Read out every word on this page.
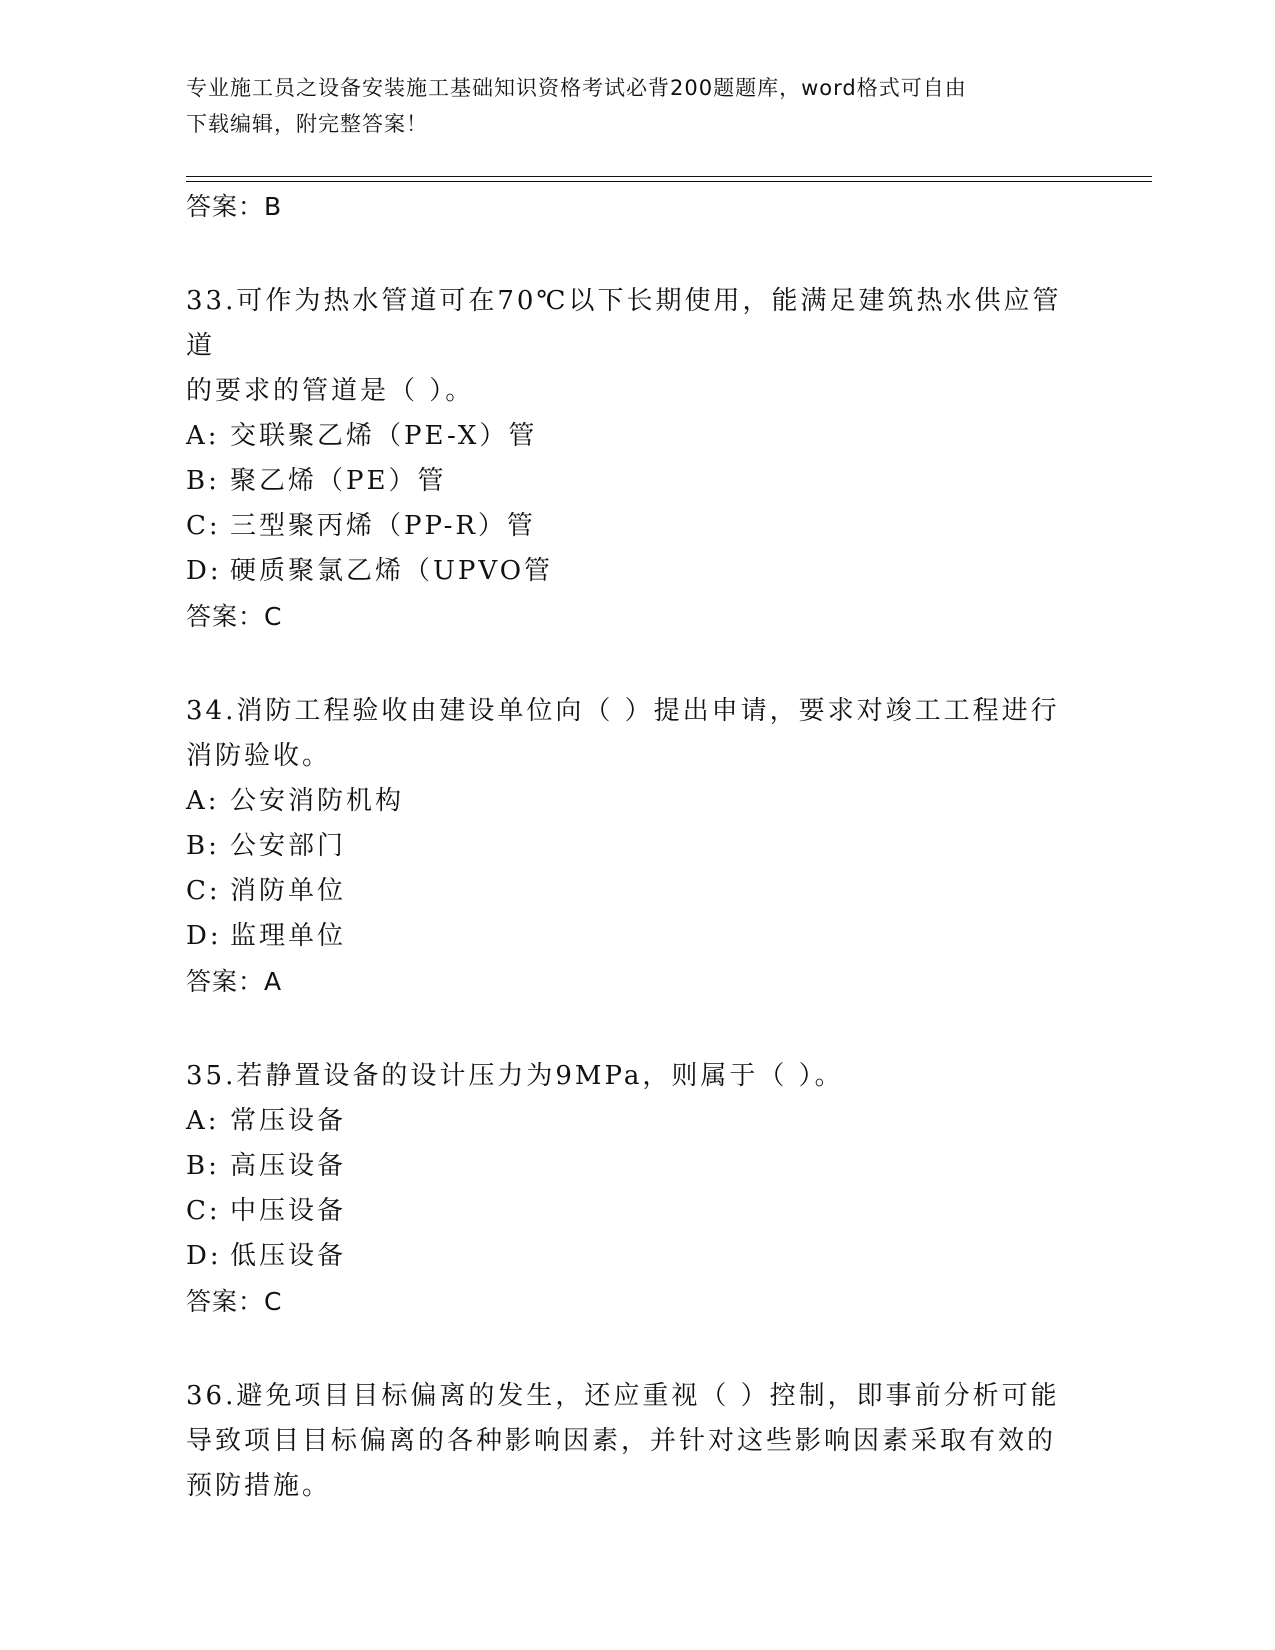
专业施工员之设备安装施工基础知识资格考试必背200题题库，word格式可自由
下载编辑，附完整答案！
答案：B
33.可作为热水管道可在70℃以下长期使用，能满足建筑热水供应管道
的要求的管道是（ ）。
A: 交联聚乙烯（PE-X）管
B: 聚乙烯（PE）管
C: 三型聚丙烯（PP-R）管
D: 硬质聚氯乙烯（UPVO管
答案：C
34.消防工程验收由建设单位向（ ）提出申请，要求对竣工工程进行
消防验收。
A: 公安消防机构
B: 公安部门
C: 消防单位
D: 监理单位
答案：A
35.若静置设备的设计压力为9MPa，则属于（ ）。
A: 常压设备
B: 高压设备
C: 中压设备
D: 低压设备
答案：C
36.避免项目目标偏离的发生，还应重视（ ）控制，即事前分析可能
导致项目目标偏离的各种影响因素，并针对这些影响因素采取有效的
预防措施。
